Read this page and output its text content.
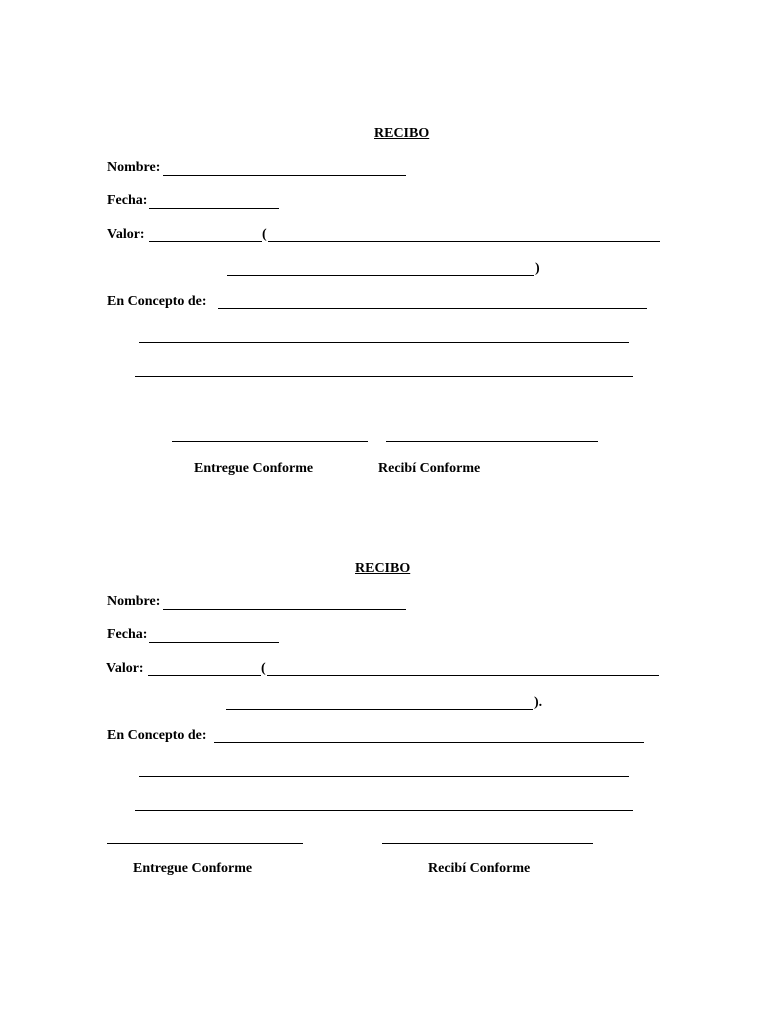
RECIBO
Nombre:
Fecha:
Valor:	(
)
En Concepto de:
Entregue Conforme	Recibí Conforme
RECIBO
Nombre:
Fecha:
Valor:	(
).
En Concepto de:
Entregue Conforme	Recibí Conforme
